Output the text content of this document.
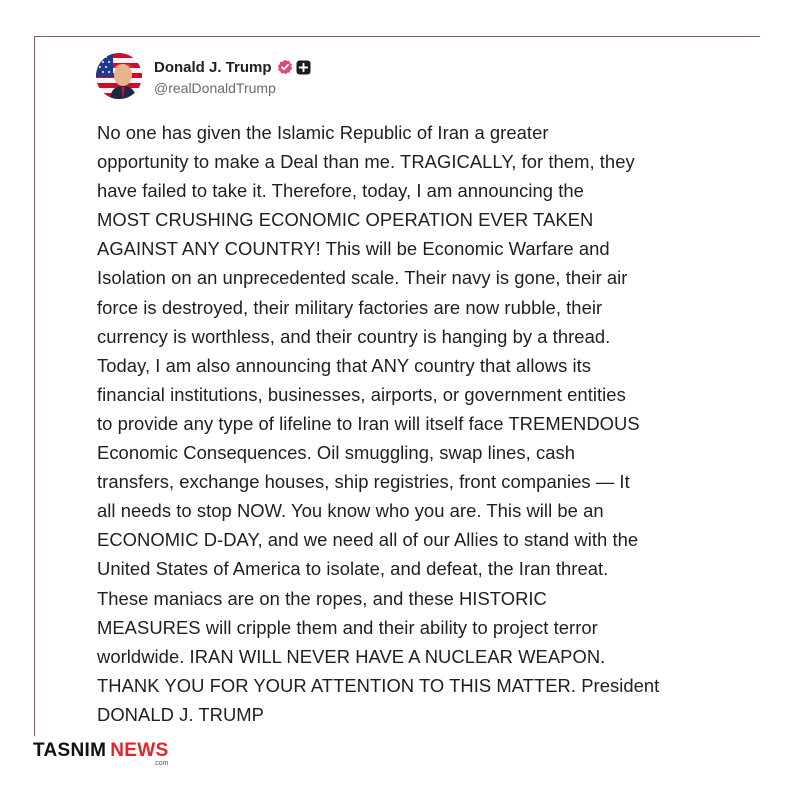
Donald J. Trump
@realDonaldTrump
No one has given the Islamic Republic of Iran a greater
opportunity to make a Deal than me. TRAGICALLY, for them, they
have failed to take it. Therefore, today, I am announcing the
MOST CRUSHING ECONOMIC OPERATION EVER TAKEN
AGAINST ANY COUNTRY! This will be Economic Warfare and
Isolation on an unprecedented scale. Their navy is gone, their air
force is destroyed, their military factories are now rubble, their
currency is worthless, and their country is hanging by a thread.
Today, I am also announcing that ANY country that allows its
financial institutions, businesses, airports, or government entities
to provide any type of lifeline to Iran will itself face TREMENDOUS
Economic Consequences. Oil smuggling, swap lines, cash
transfers, exchange houses, ship registries, front companies — It
all needs to stop NOW. You know who you are. This will be an
ECONOMIC D-DAY, and we need all of our Allies to stand with the
United States of America to isolate, and defeat, the Iran threat.
These maniacs are on the ropes, and these HISTORIC
MEASURES will cripple them and their ability to project terror
worldwide. IRAN WILL NEVER HAVE A NUCLEAR WEAPON.
THANK YOU FOR YOUR ATTENTION TO THIS MATTER. President
DONALD J. TRUMP
TASNIM NEWS
.com
